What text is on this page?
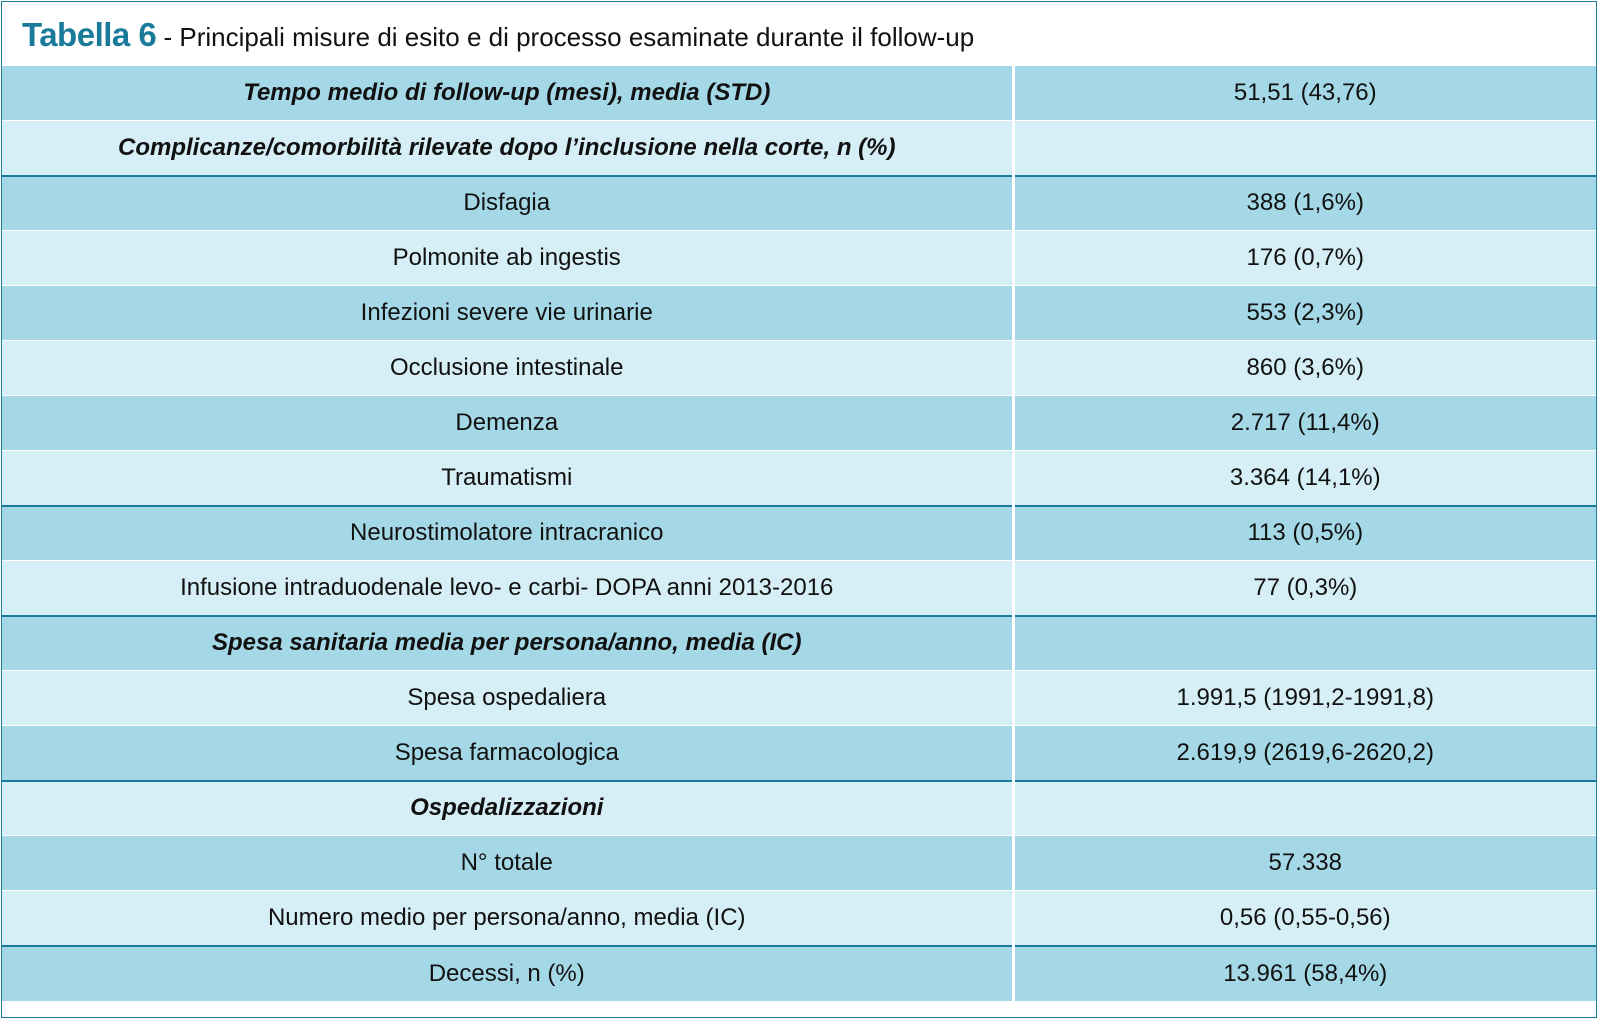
Tabella 6 - Principali misure di esito e di processo esaminate durante il follow-up
Tempo medio di follow-up (mesi), media (STD)	51,51 (43,76)
Complicanze/comorbilità rilevate dopo l’inclusione nella corte, n (%)	
Disfagia	388 (1,6%)
Polmonite ab ingestis	176 (0,7%)
Infezioni severe vie urinarie	553 (2,3%)
Occlusione intestinale	860 (3,6%)
Demenza	2.717 (11,4%)
Traumatismi	3.364 (14,1%)
Neurostimolatore intracranico	113 (0,5%)
Infusione intraduodenale levo- e carbi- DOPA anni 2013-2016	77 (0,3%)
Spesa sanitaria media per persona/anno, media (IC)	
Spesa ospedaliera	1.991,5 (1991,2-1991,8)
Spesa farmacologica	2.619,9 (2619,6-2620,2)
Ospedalizzazioni	
N° totale	57.338
Numero medio per persona/anno, media (IC)	0,56 (0,55-0,56)
Decessi, n (%)	13.961 (58,4%)
